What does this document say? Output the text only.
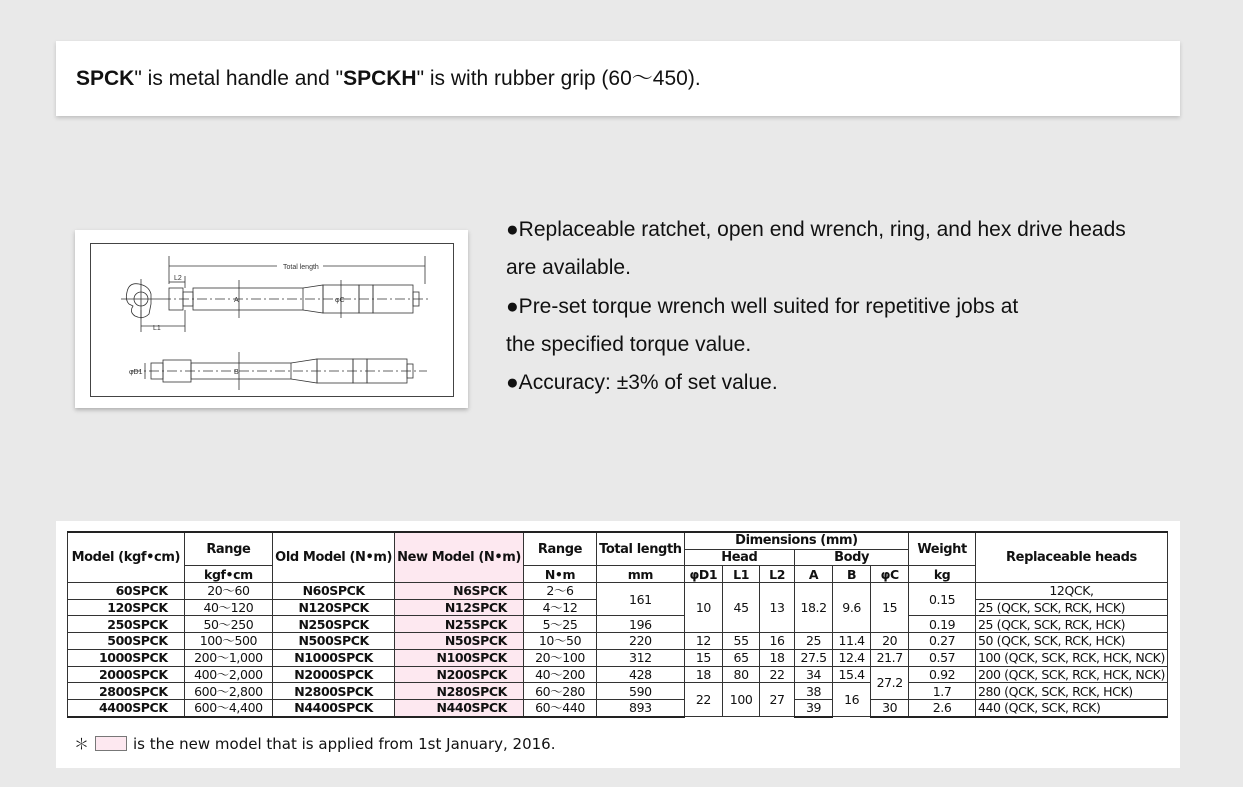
SPCK" is metal handle and "SPCKH" is with rubber grip (60～450).
Total length
L2
L1
A	φC
B
φD1

●Replaceable ratchet, open end wrench, ring, and hex drive heads

are available.

●Pre-set torque wrench well suited for repetitive jobs at

the specified torque value.

●Accuracy: ±3% of set value.

Model (kgf•cm)	Range	Old Model (N•m)	New Model (N•m)	Range	Total length	Dimensions (mm)						Weight	Replaceable heads
						Head			Body				
	kgf•cm			N•m	mm	φD1	L1	L2	A	B	φC	kg	
60SPCK	20～60	N60SPCK	N6SPCK	2～6	161	10	45	13	18.2	9.6	15	0.15	12QCK,
120SPCK	40～120	N120SPCK	N12SPCK	4～12									25 (QCK, SCK, RCK, HCK)
250SPCK	50～250	N250SPCK	N25SPCK	5～25	196							0.19	25 (QCK, SCK, RCK, HCK)
500SPCK	100～500	N500SPCK	N50SPCK	10～50	220	12	55	16	25	11.4	20	0.27	50 (QCK, SCK, RCK, HCK)
1000SPCK	200～1,000	N1000SPCK	N100SPCK	20～100	312	15	65	18	27.5	12.4	21.7	0.57	100 (QCK, SCK, RCK, HCK, NCK)
2000SPCK	400～2,000	N2000SPCK	N200SPCK	40～200	428	18	80	22	34	15.4	27.2	0.92	200 (QCK, SCK, RCK, HCK, NCK)
2800SPCK	600～2,800	N2800SPCK	N280SPCK	60～280	590	22	100	27	38	16		1.7	280 (QCK, SCK, RCK, HCK)
4400SPCK	600～4,400	N4400SPCK	N440SPCK	60～440	893				39		30	2.6	440 (QCK, SCK, RCK)
＊	is the new model that is applied from 1st January, 2016.
